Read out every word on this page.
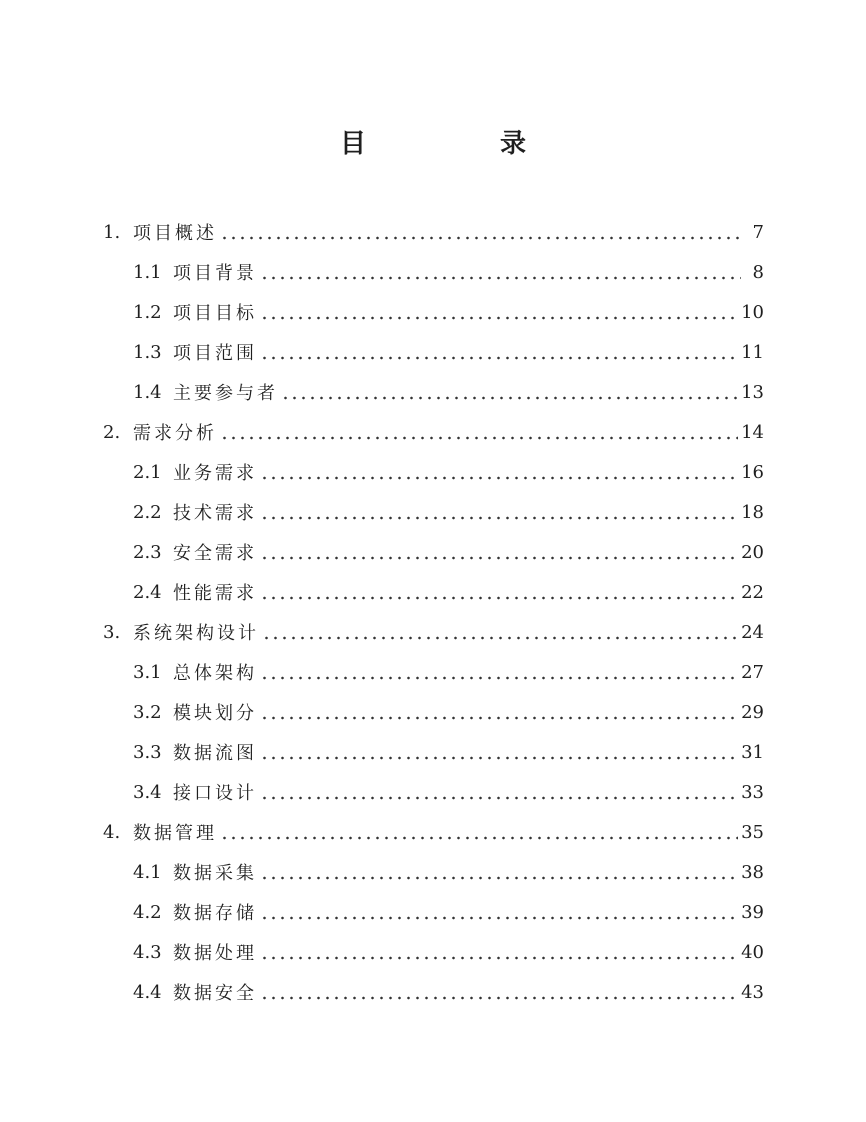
目　录
1. 项目概述	7
1.1 项目背景	8
1.2 项目目标	10
1.3 项目范围	11
1.4 主要参与者	13
2. 需求分析	14
2.1 业务需求	16
2.2 技术需求	18
2.3 安全需求	20
2.4 性能需求	22
3. 系统架构设计	24
3.1 总体架构	27
3.2 模块划分	29
3.3 数据流图	31
3.4 接口设计	33
4. 数据管理	35
4.1 数据采集	38
4.2 数据存储	39
4.3 数据处理	40
4.4 数据安全	43
